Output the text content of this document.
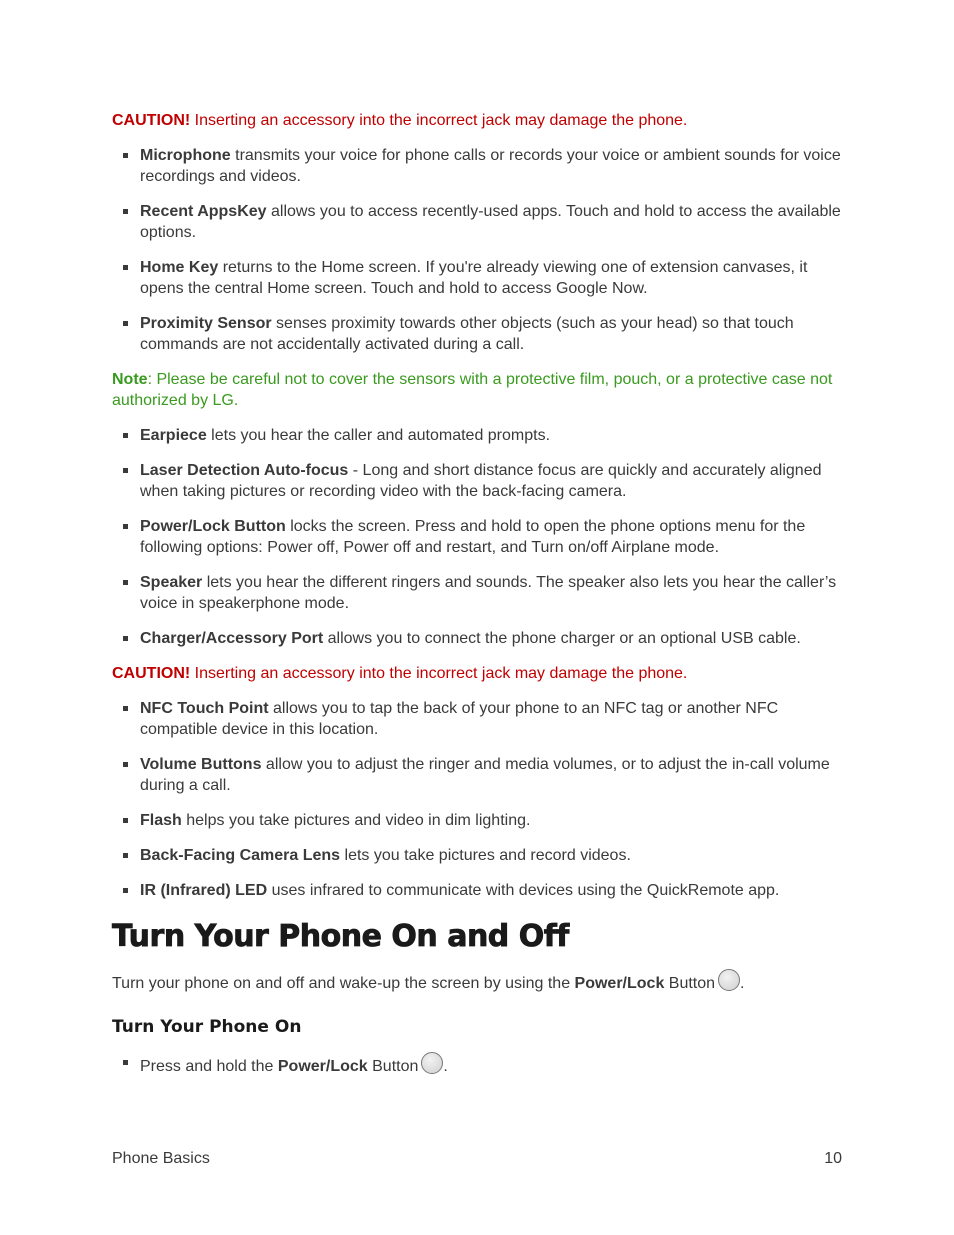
CAUTION! Inserting an accessory into the incorrect jack may damage the phone.

Microphone transmits your voice for phone calls or records your voice or ambient sounds for voice recordings and videos.
Recent AppsKey allows you to access recently-used apps. Touch and hold to access the available options.
Home Key returns to the Home screen. If you're already viewing one of extension canvases, it opens the central Home screen. Touch and hold to access Google Now.
Proximity Sensor senses proximity towards other objects (such as your head) so that touch commands are not accidentally activated during a call.

Note: Please be careful not to cover the sensors with a protective film, pouch, or a protective case not authorized by LG.

Earpiece lets you hear the caller and automated prompts.
Laser Detection Auto-focus - Long and short distance focus are quickly and accurately aligned when taking pictures or recording video with the back-facing camera.
Power/Lock Button locks the screen. Press and hold to open the phone options menu for the following options: Power off, Power off and restart, and Turn on/off Airplane mode.
Speaker lets you hear the different ringers and sounds. The speaker also lets you hear the caller’s voice in speakerphone mode.
Charger/Accessory Port allows you to connect the phone charger or an optional USB cable.

CAUTION! Inserting an accessory into the incorrect jack may damage the phone.

NFC Touch Point allows you to tap the back of your phone to an NFC tag or another NFC compatible device in this location.
Volume Buttons allow you to adjust the ringer and media volumes, or to adjust the in-call volume during a call.
Flash helps you take pictures and video in dim lighting.
Back-Facing Camera Lens lets you take pictures and record videos.
IR (Infrared) LED uses infrared to communicate with devices using the QuickRemote app.
Turn Your Phone On and Off

Turn your phone on and off and wake-up the screen by using the Power/Lock Button .

Turn Your Phone On
Press and hold the Power/Lock Button .
Phone Basics	10
